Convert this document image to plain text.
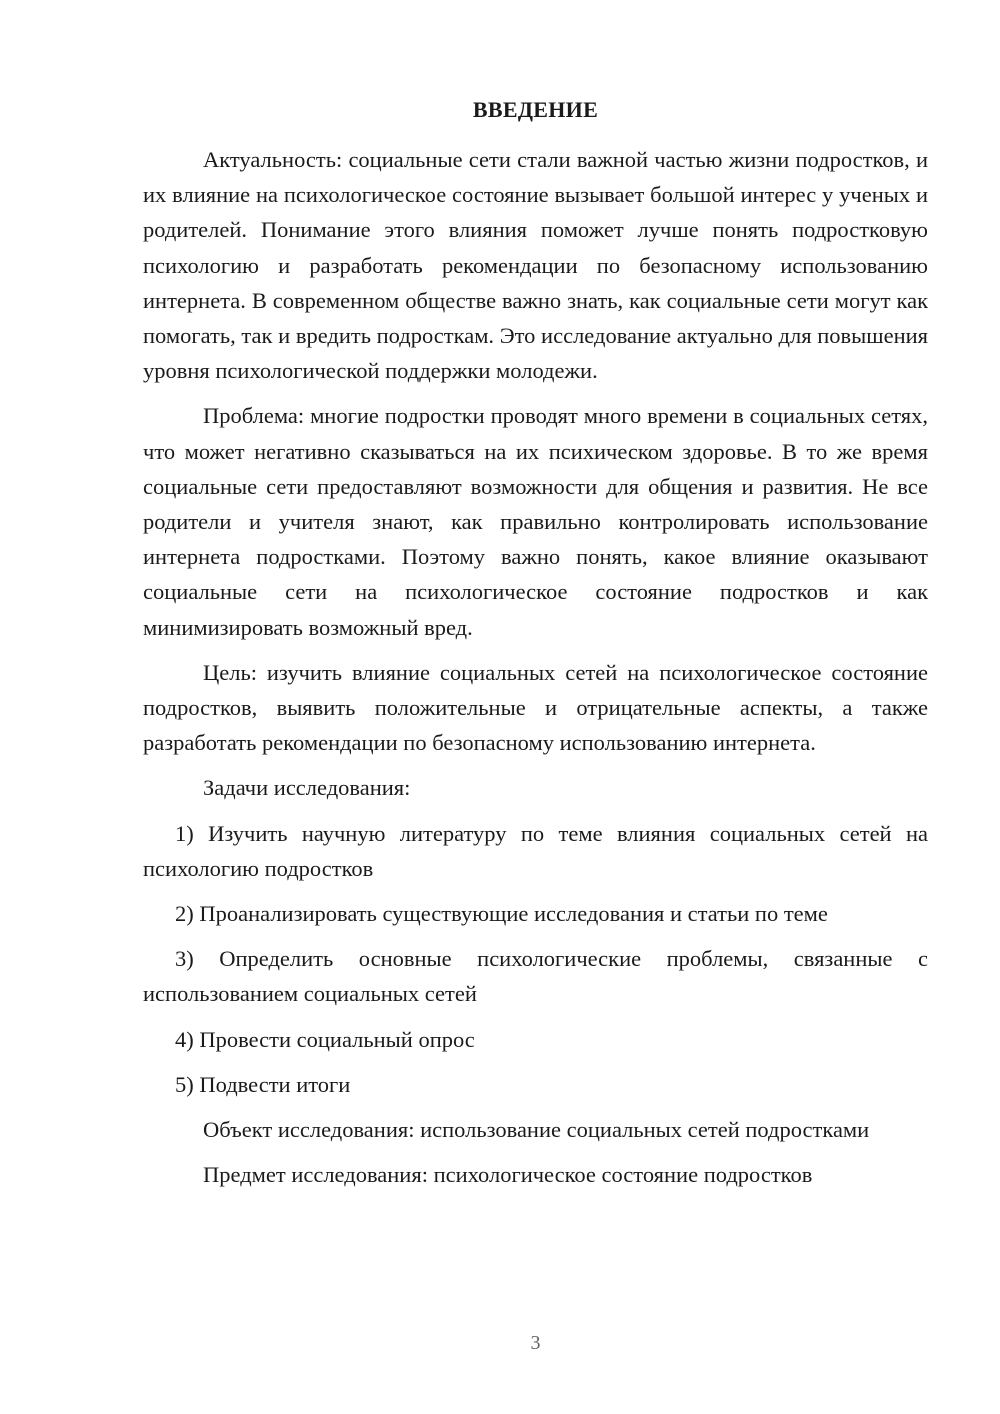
ВВЕДЕНИЕ

Актуальность: социальные сети стали важной частью жизни подростков, и их влияние на психологическое состояние вызывает большой интерес у ученых и родителей. Понимание этого влияния поможет лучше понять подростковую психологию и разработать рекомендации по безопасному использованию интернета. В современном обществе важно знать, как социальные сети могут как помогать, так и вредить подросткам. Это исследование актуально для повышения уровня психологической поддержки молодежи.

Проблема: многие подростки проводят много времени в социальных сетях, что может негативно сказываться на их психическом здоровье. В то же время социальные сети предоставляют возможности для общения и развития. Не все родители и учителя знают, как правильно контролировать использование интернета подростками. Поэтому важно понять, какое влияние оказывают социальные сети на психологическое состояние подростков и как минимизировать возможный вред.

Цель: изучить влияние социальных сетей на психологическое состояние подростков, выявить положительные и отрицательные аспекты, а также разработать рекомендации по безопасному использованию интернета.

Задачи исследования:

1) Изучить научную литературу по теме влияния социальных сетей на психологию подростков

2) Проанализировать существующие исследования и статьи по теме

3) Определить основные психологические проблемы, связанные с использованием социальных сетей

4) Провести социальный опрос

5) Подвести итоги

Объект исследования: использование социальных сетей подростками

Предмет исследования: психологическое состояние подростков

3
